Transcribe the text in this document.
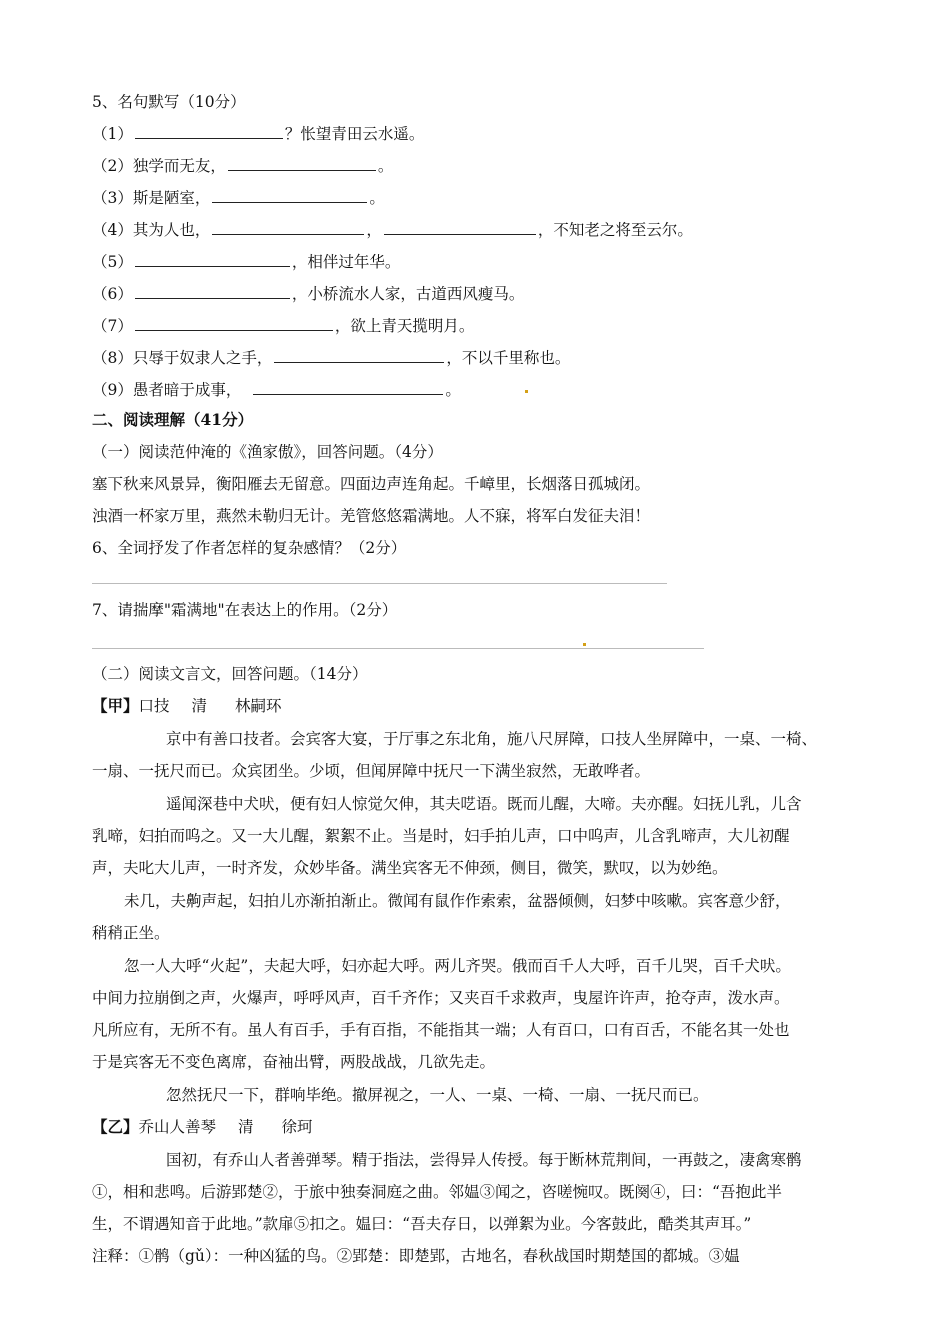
5、名句默写（10分）
（1）	？怅望青田云水遥。
（2）独学而无友，	。
（3）斯是陋室，	。
（4）其为人也，	，	，不知老之将至云尔。
（5）	，相伴过年华。
（6）	，小桥流水人家，古道西风瘦马。
（7）	，欲上青天揽明月。
（8）只辱于奴隶人之手，	，不以千里称也。
（9）愚者暗于成事，	。
二、阅读理解（41分）
（一）阅读范仲淹的《渔家傲》，回答问题。（4分）
塞下秋来风景异，衡阳雁去无留意。四面边声连角起。千嶂里，长烟落日孤城闭。
浊酒一杯家万里，燕然未勒归无计。羌管悠悠霜满地。人不寐，将军白发征夫泪！
6、全词抒发了作者怎样的复杂感情？（2分）
7、请揣摩"霜满地"在表达上的作用。（2分）
（二）阅读文言文，回答问题。（14分）
【甲】口技 清 林嗣环
京中有善口技者。会宾客大宴，于厅事之东北角，施八尺屏障，口技人坐屏障中，一桌、一椅、
一扇、一抚尺而已。众宾团坐。少顷，但闻屏障中抚尺一下满坐寂然，无敢哗者。
遥闻深巷中犬吠，便有妇人惊觉欠伸，其夫呓语。既而儿醒，大啼。夫亦醒。妇抚儿乳，儿含
乳啼，妇拍而呜之。又一大儿醒，絮絮不止。当是时，妇手拍儿声，口中呜声，儿含乳啼声，大儿初醒
声，夫叱大儿声，一时齐发，众妙毕备。满坐宾客无不伸颈，侧目，微笑，默叹，以为妙绝。
未几，夫齁声起，妇拍儿亦渐拍渐止。微闻有鼠作作索索，盆器倾侧，妇梦中咳嗽。宾客意少舒，
稍稍正坐。
忽一人大呼“火起”，夫起大呼，妇亦起大呼。两儿齐哭。俄而百千人大呼，百千儿哭，百千犬吠。
中间力拉崩倒之声，火爆声，呼呼风声，百千齐作；又夹百千求救声，曳屋许许声，抢夺声，泼水声。
凡所应有，无所不有。虽人有百手，手有百指，不能指其一端；人有百口，口有百舌，不能名其一处也
于是宾客无不变色离席，奋袖出臂，两股战战，几欲先走。
忽然抚尺一下，群响毕绝。撤屏视之，一人、一桌、一椅、一扇、一抚尺而已。
【乙】乔山人善琴 清 徐珂
国初，有乔山人者善弹琴。精于指法，尝得异人传授。每于断林荒荆间，一再鼓之，凄禽寒鹘
①，相和悲鸣。后游郢楚②，于旅中独奏洞庭之曲。邻媪③闻之，咨嗟惋叹。既阕④，曰：“吾抱此半
生，不谓遇知音于此地。”款扉⑤扣之。媪曰：“吾夫存日，以弹絮为业。今客鼓此，酷类其声耳。”
注释：①鹘（gǔ）：一种凶猛的鸟。②郢楚：即楚郢，古地名，春秋战国时期楚国的都城。③媪
